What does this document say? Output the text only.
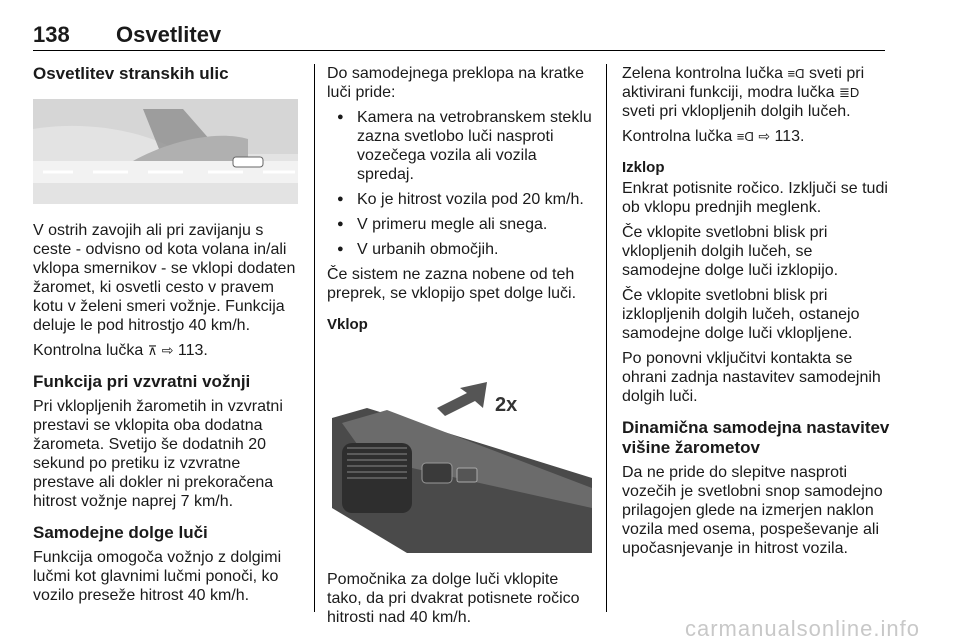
138 Osvetlitev
Osvetlitev stranskih ulic

V ostrih zavojih ali pri zavijanju s ceste - odvisno od kota volana in/ali vklopa smernikov - se vklopi dodaten žaromet, ki osvetli cesto v pravem kotu v želeni smeri vožnje. Funkcija deluje le pod hitrostjo 40 km/h.

Kontrolna lučka ⊼ ⇨ 113.

Funkcija pri vzvratni vožnji

Pri vklopljenih žarometih in vzvratni prestavi se vklopita oba dodatna žarometa. Svetijo še dodatnih 20 sekund po pretiku iz vzvratne prestave ali dokler ni prekoračena hitrost vožnje naprej 7 km/h.

Samodejne dolge luči

Funkcija omogoča vožnjo z dolgimi lučmi kot glavnimi lučmi ponoči, ko vozilo preseže hitrost 40 km/h.

Do samodejnega preklopa na kratke luči pride:

● Kamera na vetrobranskem steklu zazna svetlobo luči nasproti vozečega vozila ali vozila spredaj.
● Ko je hitrost vozila pod 20 km/h.
● V primeru megle ali snega.
● V urbanih območjih.

Če sistem ne zazna nobene od teh preprek, se vklopijo spet dolge luči.

Vklop
2x

Pomočnika za dolge luči vklopite tako, da pri dvakrat potisnete ročico hitrosti nad 40 km/h.

Zelena kontrolna lučka ≡Ɑ sveti pri aktivirani funkciji, modra lučka ≣D sveti pri vklopljenih dolgih lučeh.

Kontrolna lučka ≡Ɑ ⇨ 113.

Izklop

Enkrat potisnite ročico. Izključi se tudi ob vklopu prednjih meglenk.

Če vklopite svetlobni blisk pri vklopljenih dolgih lučeh, se samodejne dolge luči izklopijo.

Če vklopite svetlobni blisk pri izklopljenih dolgih lučeh, ostanejo samodejne dolge luči vklopljene.

Po ponovni vključitvi kontakta se ohrani zadnja nastavitev samodejnih dolgih luči.

Dinamična samodejna nastavitev višine žarometov

Da ne pride do slepitve nasproti vozečih je svetlobni snop samodejno prilagojen glede na izmerjen naklon vozila med osema, pospeševanje ali upočasnjevanje in hitrost vozila.

carmanualsonline.info
